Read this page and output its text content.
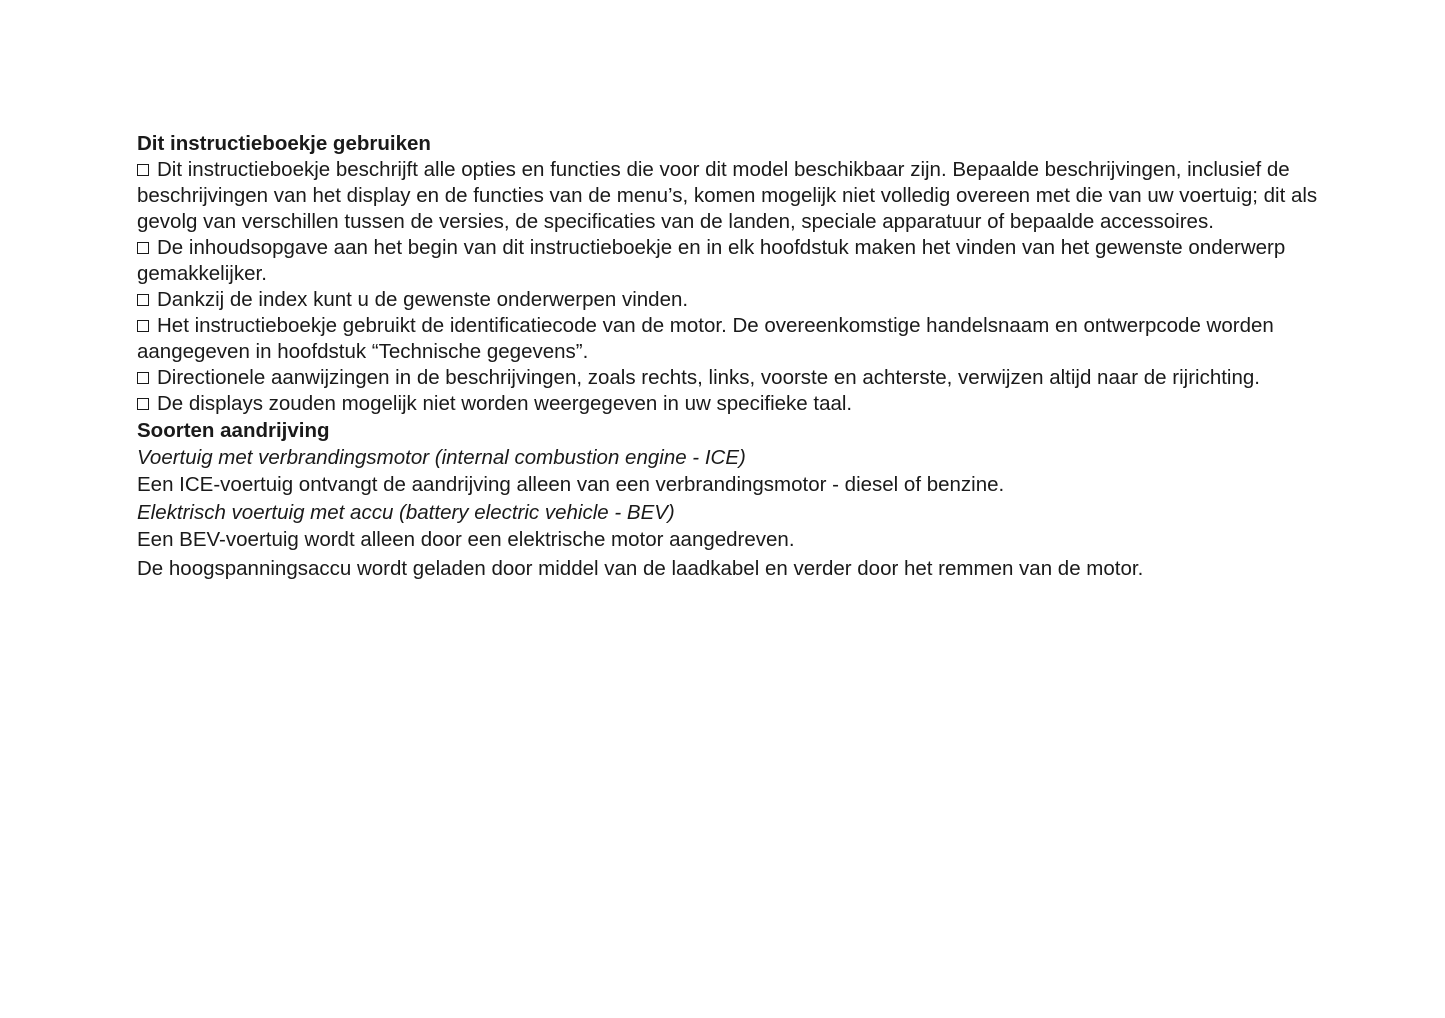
Dit instructieboekje gebruiken

Dit instructieboekje beschrijft alle opties en functies die voor dit model beschikbaar zijn. Bepaalde beschrijvingen, inclusief de beschrijvingen van het display en de functies van de menu’s, komen mogelijk niet volledig overeen met die van uw voertuig; dit als gevolg van verschillen tussen de versies, de specificaties van de landen, speciale apparatuur of bepaalde accessoires.

De inhoudsopgave aan het begin van dit instructieboekje en in elk hoofdstuk maken het vinden van het gewenste onderwerp gemakkelijker.

Dankzij de index kunt u de gewenste onderwerpen vinden.

Het instructieboekje gebruikt de identificatiecode van de motor. De overeenkomstige handelsnaam en ontwerpcode worden aangegeven in hoofdstuk “Technische gegevens”.

Directionele aanwijzingen in de beschrijvingen, zoals rechts, links, voorste en achterste, verwijzen altijd naar de rijrichting.

De displays zouden mogelijk niet worden weergegeven in uw specifieke taal.

Soorten aandrijving

Voertuig met verbrandingsmotor (internal combustion engine - ICE)

Een ICE-voertuig ontvangt de aandrijving alleen van een verbrandingsmotor - diesel of benzine.

Elektrisch voertuig met accu (battery electric vehicle - BEV)

Een BEV-voertuig wordt alleen door een elektrische motor aangedreven.

De hoogspanningsaccu wordt geladen door middel van de laadkabel en verder door het remmen van de motor.
